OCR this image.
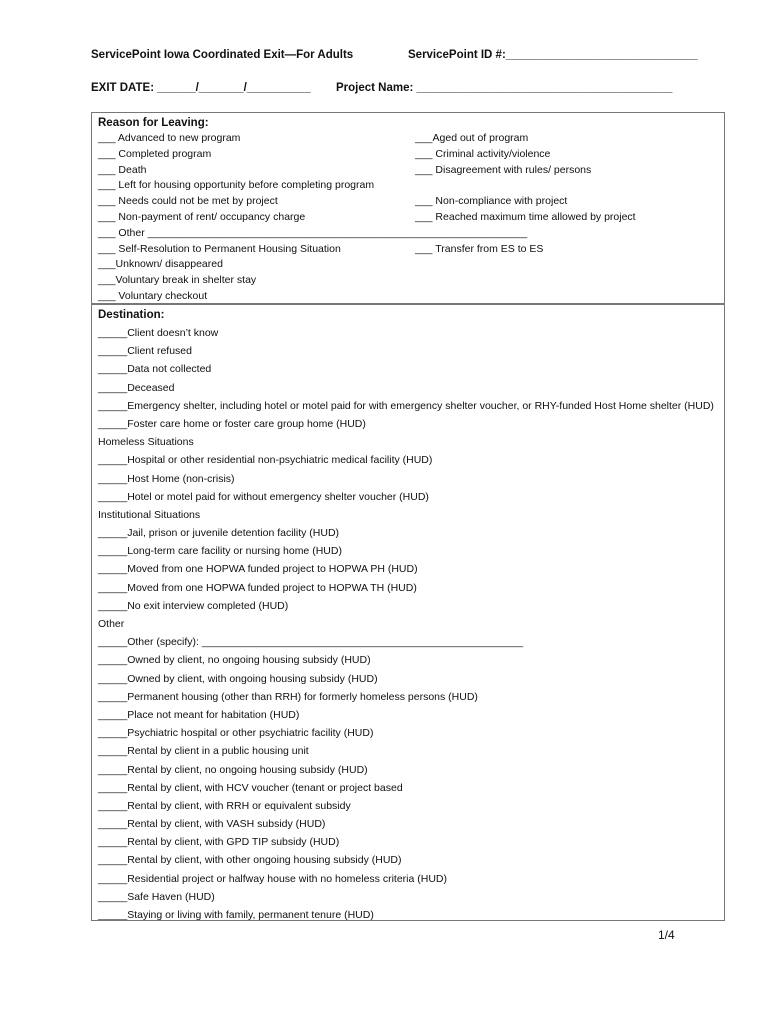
ServicePoint Iowa Coordinated Exit—For Adults	ServicePoint ID #:______________________________
EXIT DATE: ______/_______/__________ Project Name: ________________________________________
Reason for Leaving:
___ Advanced to new program
___ Completed program
___ Death
___ Left for housing opportunity before completing program
___ Needs could not be met by project
___ Non-payment of rent/ occupancy charge
___ Other _________________________________________________________________
___ Self-Resolution to Permanent Housing Situation
___Unknown/ disappeared
___Voluntary break in shelter stay
___ Voluntary checkout
___Aged out of program
___ Criminal activity/violence
___ Disagreement with rules/ persons
___ Non-compliance with project
___ Reached maximum time allowed by project
___ Transfer from ES to ES
Destination:
_____Client doesn’t know
_____Client refused
_____Data not collected
_____Deceased
_____Emergency shelter, including hotel or motel paid for with emergency shelter voucher, or RHY-funded Host Home shelter (HUD)
_____Foster care home or foster care group home (HUD)
Homeless Situations
_____Hospital or other residential non-psychiatric medical facility (HUD)
_____Host Home (non-crisis)
_____Hotel or motel paid for without emergency shelter voucher (HUD)
Institutional Situations
_____Jail, prison or juvenile detention facility (HUD)
_____Long-term care facility or nursing home (HUD)
_____Moved from one HOPWA funded project to HOPWA PH (HUD)
_____Moved from one HOPWA funded project to HOPWA TH (HUD)
_____No exit interview completed (HUD)
Other
_____Other (specify): _______________________________________________________
_____Owned by client, no ongoing housing subsidy (HUD)
_____Owned by client, with ongoing housing subsidy (HUD)
_____Permanent housing (other than RRH) for formerly homeless persons (HUD)
_____Place not meant for habitation (HUD)
_____Psychiatric hospital or other psychiatric facility (HUD)
_____Rental by client in a public housing unit
_____Rental by client, no ongoing housing subsidy (HUD)
_____Rental by client, with HCV voucher (tenant or project based
_____Rental by client, with RRH or equivalent subsidy
_____Rental by client, with VASH subsidy (HUD)
_____Rental by client, with GPD TIP subsidy (HUD)
_____Rental by client, with other ongoing housing subsidy (HUD)
_____Residential project or halfway house with no homeless criteria (HUD)
_____Safe Haven (HUD)
_____Staying or living with family, permanent tenure (HUD)
1/4
